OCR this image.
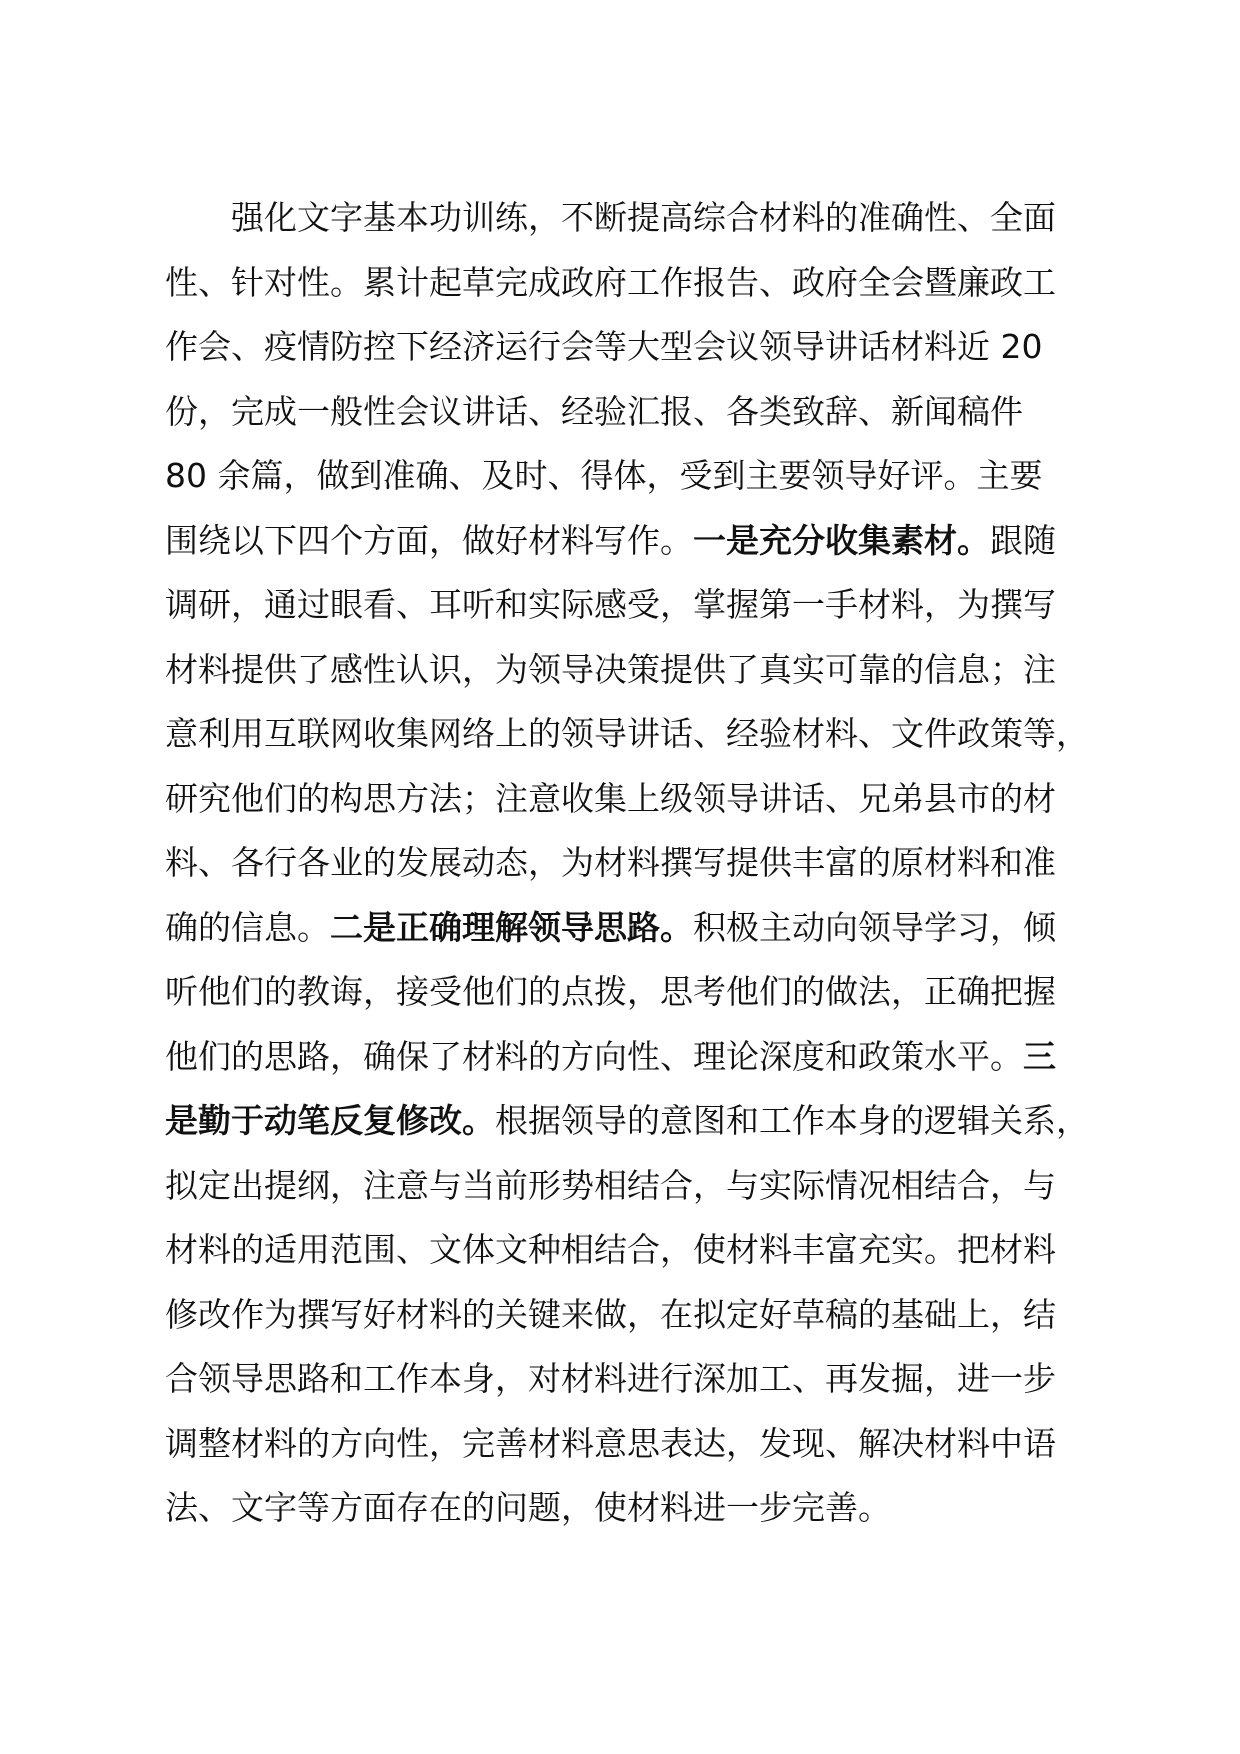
强化文字基本功训练，不断提高综合材料的准确性、全面
性、针对性。累计起草完成政府工作报告、政府全会暨廉政工
作会、疫情防控下经济运行会等大型会议领导讲话材料近 20
份，完成一般性会议讲话、经验汇报、各类致辞、新闻稿件
80 余篇，做到准确、及时、得体，受到主要领导好评。主要
围绕以下四个方面，做好材料写作。一是充分收集素材。跟随
调研，通过眼看、耳听和实际感受，掌握第一手材料，为撰写
材料提供了感性认识，为领导决策提供了真实可靠的信息；注
意利用互联网收集网络上的领导讲话、经验材料、文件政策等，
研究他们的构思方法；注意收集上级领导讲话、兄弟县市的材
料、各行各业的发展动态，为材料撰写提供丰富的原材料和准
确的信息。二是正确理解领导思路。积极主动向领导学习，倾
听他们的教诲，接受他们的点拨，思考他们的做法，正确把握
他们的思路，确保了材料的方向性、理论深度和政策水平。三
是勤于动笔反复修改。根据领导的意图和工作本身的逻辑关系，
拟定出提纲，注意与当前形势相结合，与实际情况相结合，与
材料的适用范围、文体文种相结合，使材料丰富充实。把材料
修改作为撰写好材料的关键来做，在拟定好草稿的基础上，结
合领导思路和工作本身，对材料进行深加工、再发掘，进一步
调整材料的方向性，完善材料意思表达，发现、解决材料中语
法、文字等方面存在的问题，使材料进一步完善。
